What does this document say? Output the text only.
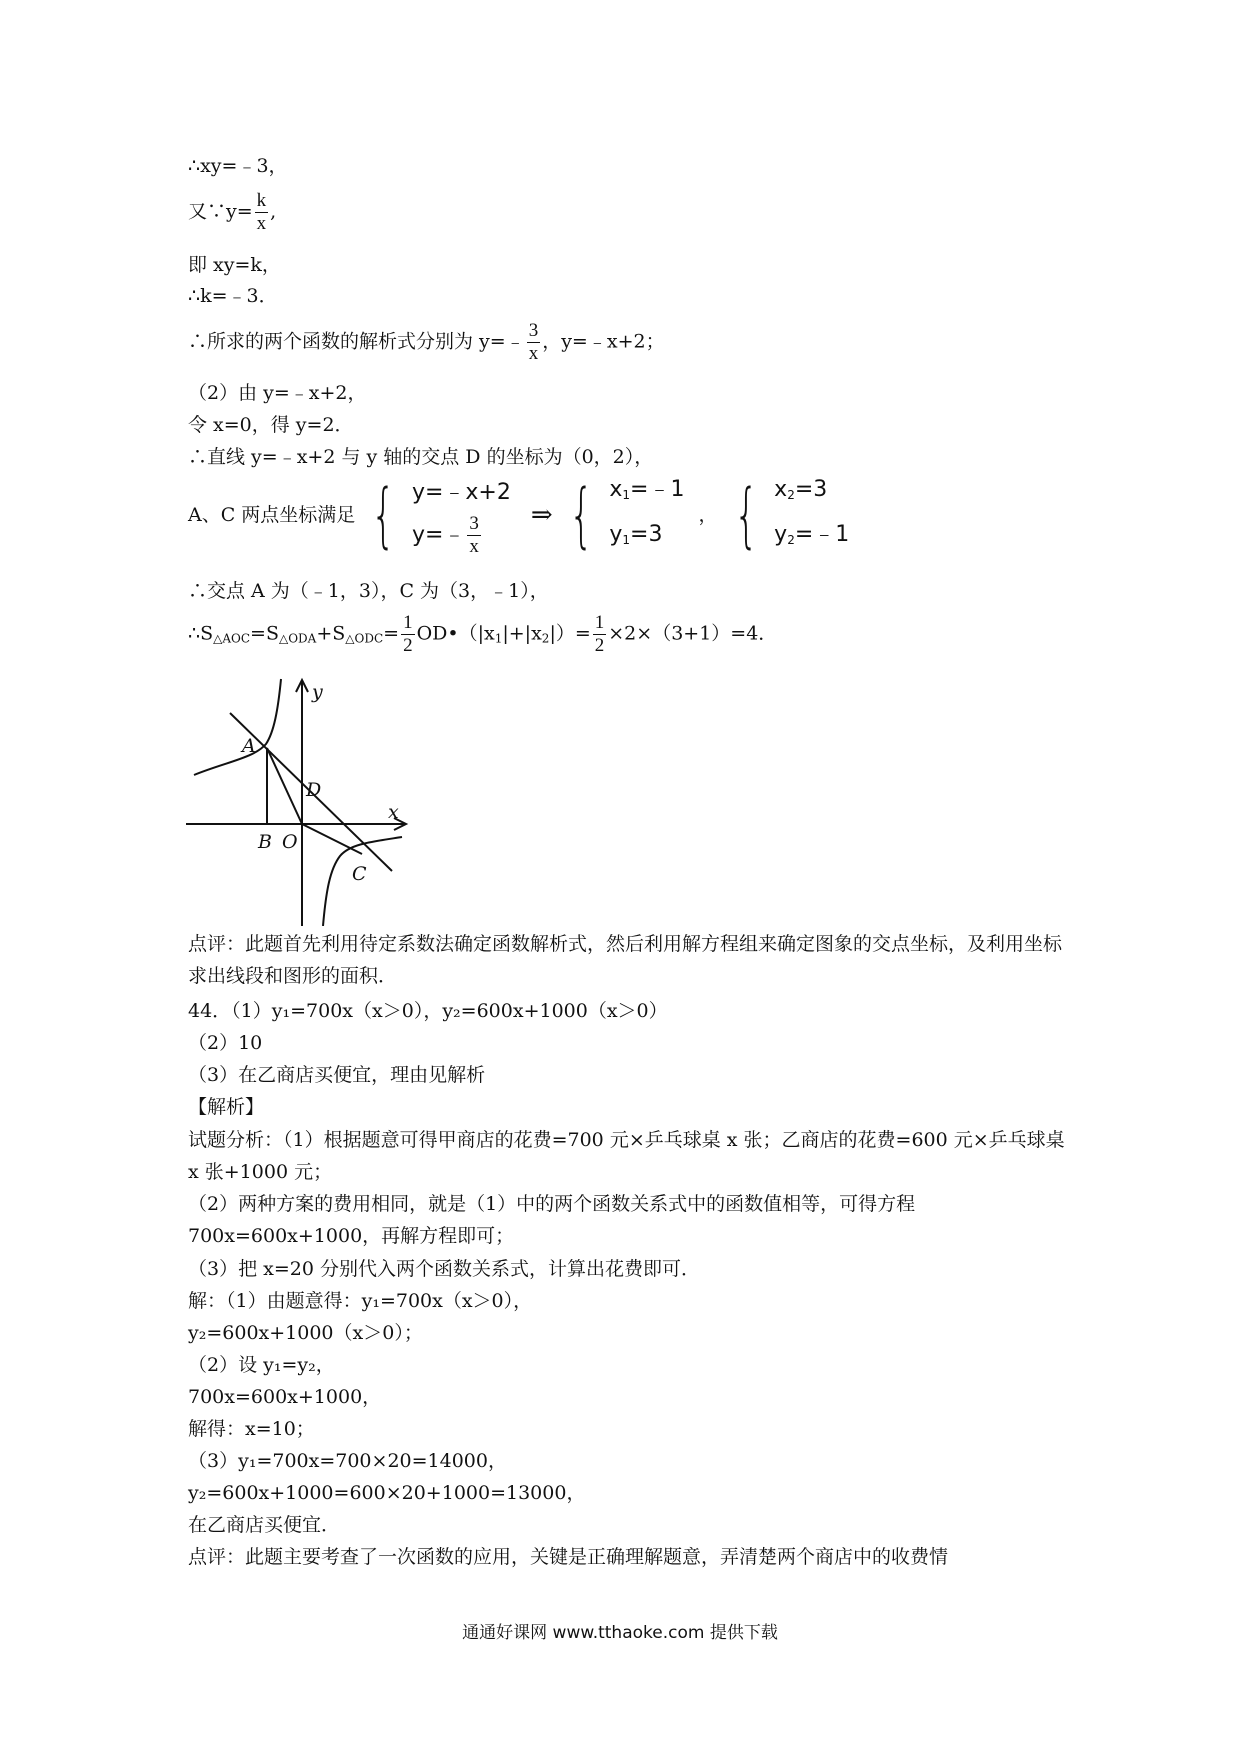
∴xy=﹣3，
又∵y= $\frac{k}{x}$ ,
即 xy=k，
∴k=﹣3．
∴所求的两个函数的解析式分别为 y=﹣ $\frac{3}{x}$ ，y=﹣x+2；
（2）由 y=﹣x+2，
令 x=0，得 y=2．
∴直线 y=﹣x+2 与 y 轴的交点 D 的坐标为（0，2），
A、C 两点坐标满足 { y=﹣x+2
y=﹣ $\frac{3}{x}$ ⇒ { $x_1=﹣1$
$y_1=3$
， { $x_2=3$
$y_2=﹣1$
∴交点 A 为（﹣1，3），C 为（3，﹣1），
$\therefore S_{\triangle AOC}=S_{\triangle ODA}+S_{\triangle ODC}= \frac{1}{2}$ $OD•(|x_1|+|x_2|)= \frac{1}{2} \times 2\times(3+1)=4$．
y
x
A
D
B O
C
点评：此题首先利用待定系数法确定函数解析式，然后利用解方程组来确定图象的交点坐标，及利用坐标求出线段和图形的面积．
44．（1）y₁=700x（x＞0），y₂=600x+1000（x＞0）
（2）10
（3）在乙商店买便宜，理由见解析
【解析】
试题分析：（1）根据题意可得甲商店的花费=700 元×乒乓球桌 x 张；乙商店的花费=600 元×乒乓球桌 x 张+1000 元；
（2）两种方案的费用相同，就是（1）中的两个函数关系式中的函数值相等，可得方程 700x=600x+1000，再解方程即可；
（3）把 x=20 分别代入两个函数关系式，计算出花费即可．
解：（1）由题意得：y₁=700x（x＞0），
y₂=600x+1000（x＞0）；
（2）设 y₁=y₂，
700x=600x+1000，
解得：x=10；
（3）y₁=700x=700×20=14000，
y₂=600x+1000=600×20+1000=13000，
在乙商店买便宜．
点评：此题主要考查了一次函数的应用，关键是正确理解题意，弄清楚两个商店中的收费情
通通好课网 www.tthaoke.com 提供下载
